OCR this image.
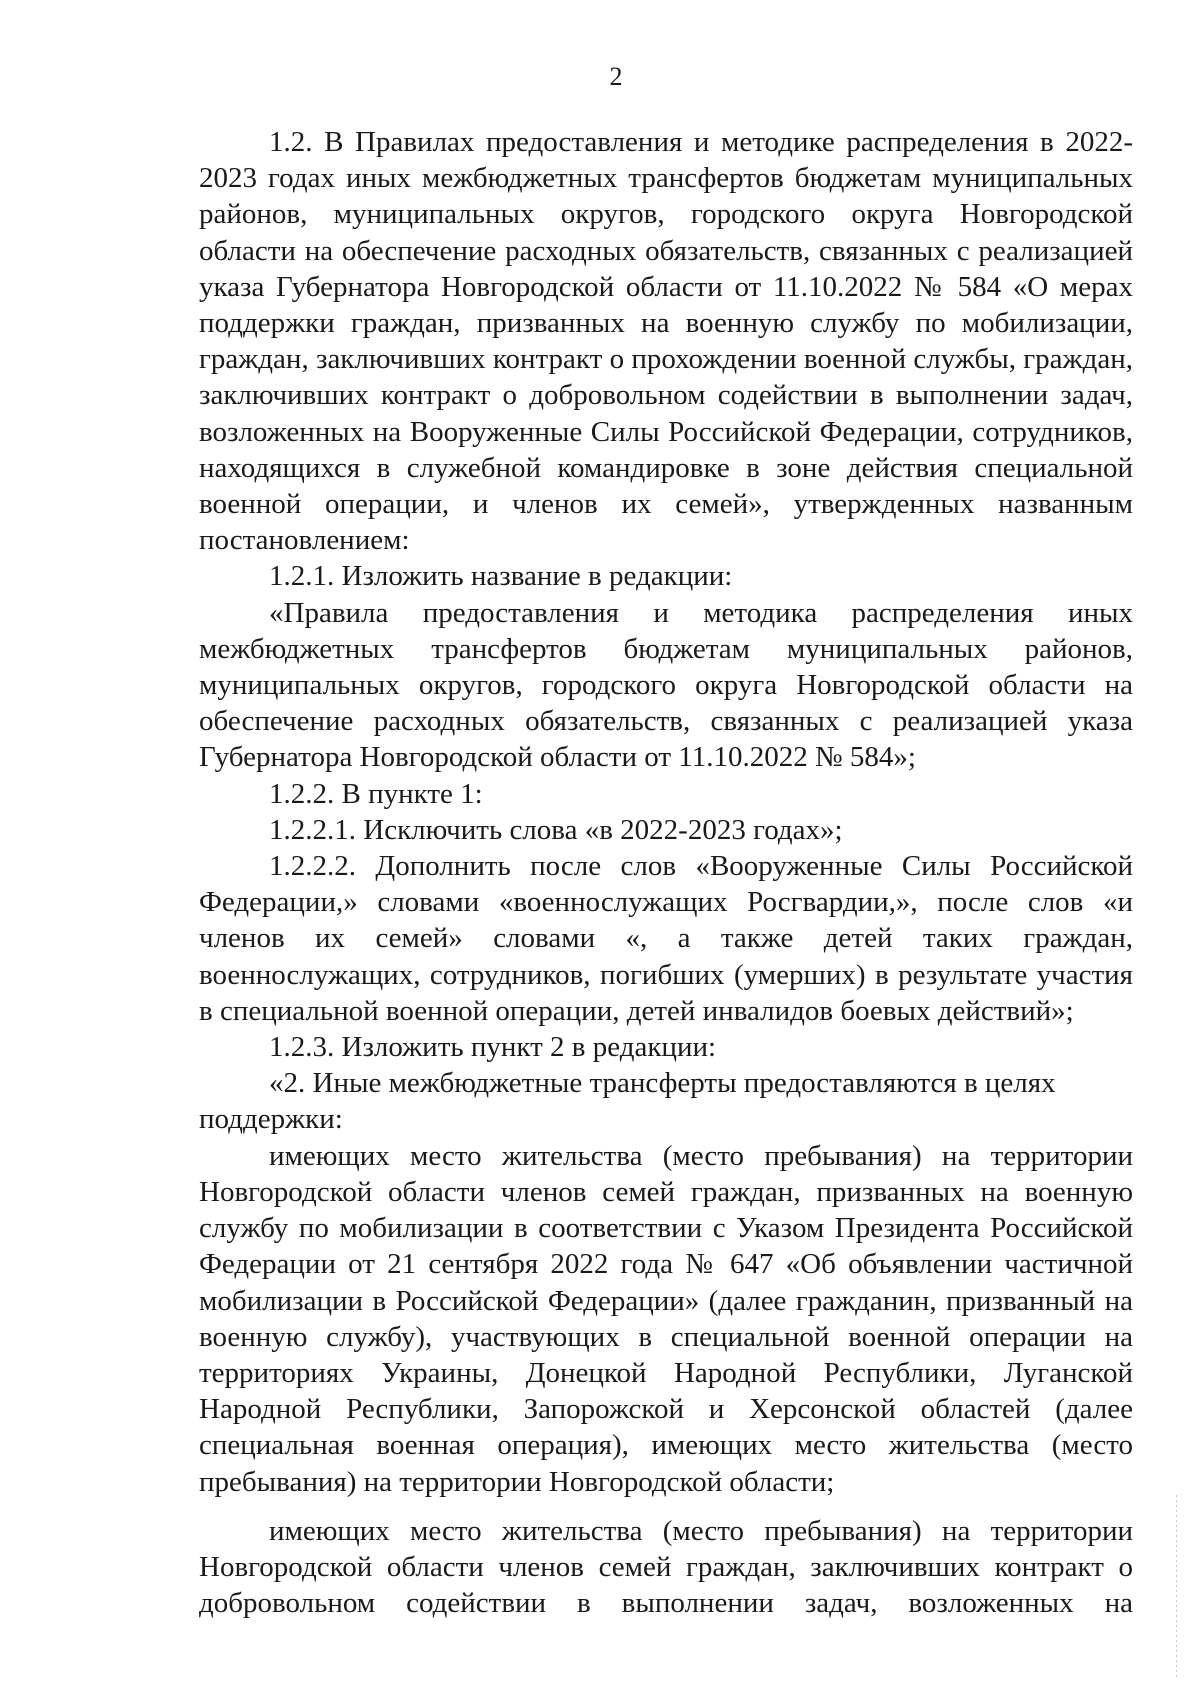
2

1.2. В Правилах предоставления и методике распределения в 2022-2023 годах иных межбюджетных трансфертов бюджетам муниципальных районов, муниципальных округов, городского округа Новгородской области на обеспечение расходных обязательств, связанных с реализацией указа Губернатора Новгородской области от 11.10.2022 № 584 «О мерах поддержки граждан, призванных на военную службу по мобилизации, граждан, заключивших контракт о прохождении военной службы, граждан, заключивших контракт о добровольном содействии в выполнении задач, возложенных на Вооруженные Силы Российской Федерации, сотрудников, находящихся в служебной командировке в зоне действия специальной военной операции, и членов их семей», утвержденных названным постановлением:

1.2.1. Изложить название в редакции:

«Правила предоставления и методика распределения иных межбюджетных трансфертов бюджетам муниципальных районов, муниципальных округов, городского округа Новгородской области на обеспечение расходных обязательств, связанных с реализацией указа Губернатора Новгородской области от 11.10.2022 № 584»;

1.2.2. В пункте 1:

1.2.2.1. Исключить слова «в 2022-2023 годах»;

1.2.2.2. Дополнить после слов «Вооруженные Силы Российской Федерации,» словами «военнослужащих Росгвардии,», после слов «и членов их семей» словами «, а также детей таких граждан, военнослужащих, сотрудников, погибших (умерших) в результате участия в специальной военной операции, детей инвалидов боевых действий»;

1.2.3. Изложить пункт 2 в редакции:

«2. Иные межбюджетные трансферты предоставляются в целях поддержки:

имеющих место жительства (место пребывания) на территории Новгородской области членов семей граждан, призванных на военную службу по мобилизации в соответствии с Указом Президента Российской Федерации от 21 сентября 2022 года № 647 «Об объявлении частичной мобилизации в Российской Федерации» (далее гражданин, призванный на военную службу), участвующих в специальной военной операции на территориях Украины, Донецкой Народной Республики, Луганской Народной Республики, Запорожской и Херсонской областей (далее специальная военная операция), имеющих место жительства (место пребывания) на территории Новгородской области;

имеющих место жительства (место пребывания) на территории Новгородской области членов семей граждан, заключивших контракт о добровольном содействии в выполнении задач, возложенных на
